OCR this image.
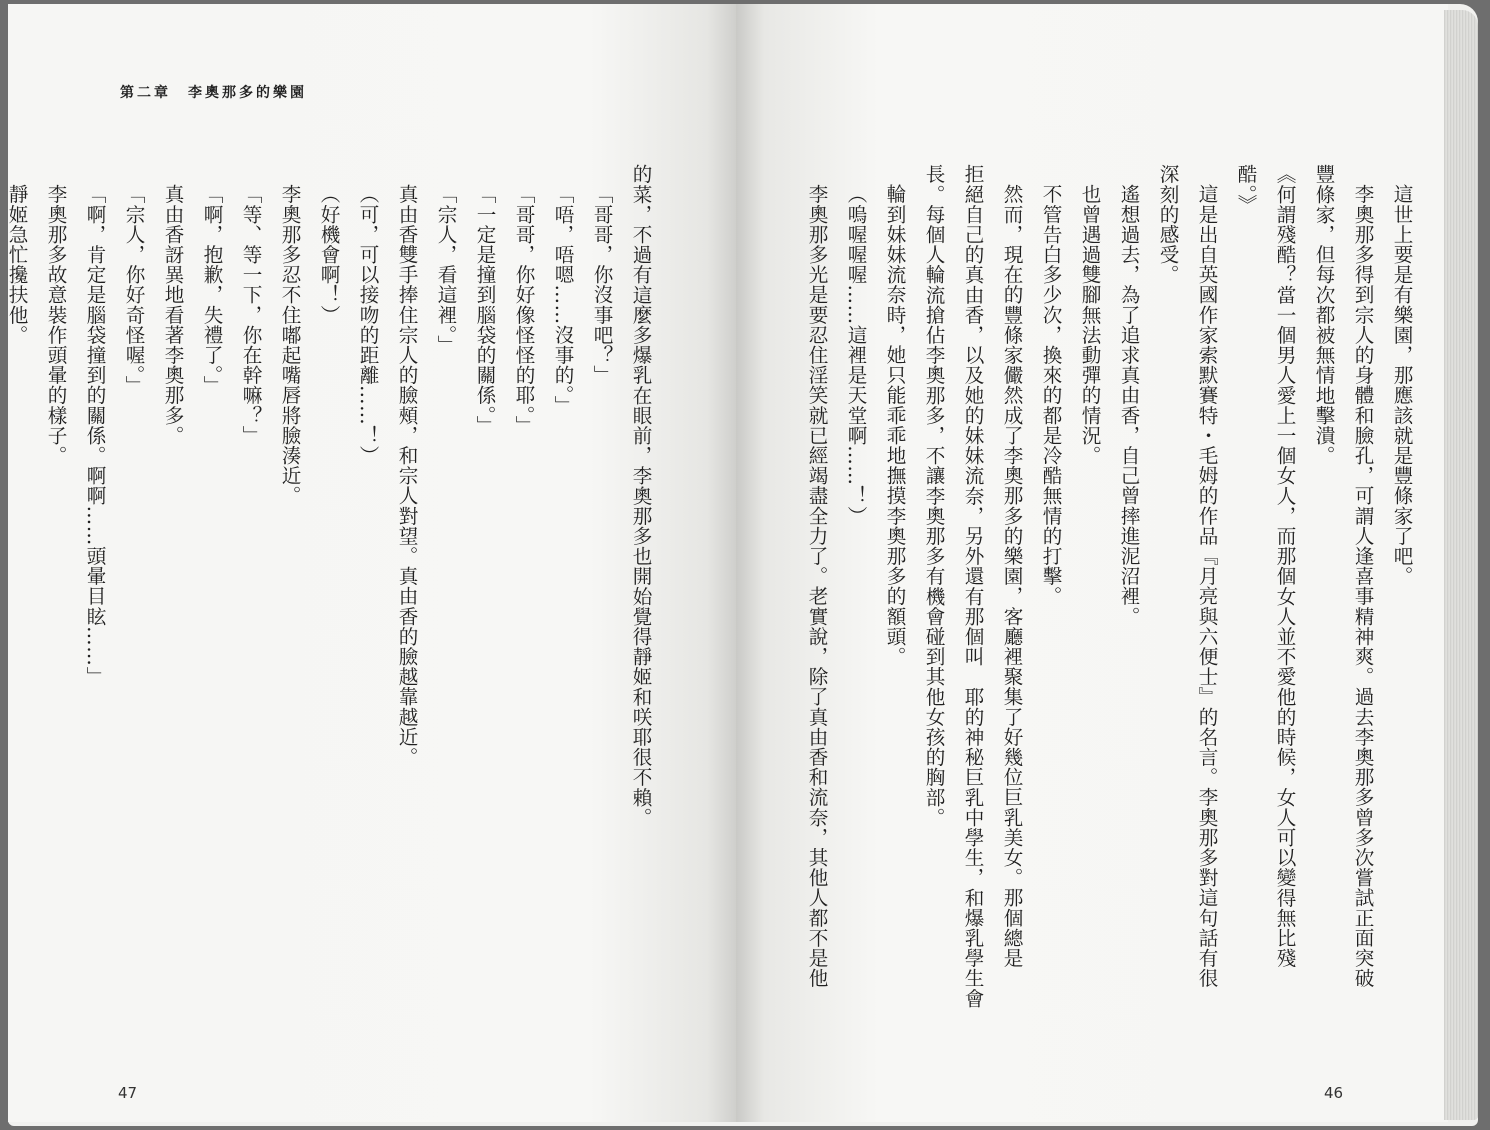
第二章　李奧那多的樂園
的菜，不過有這麼多爆乳在眼前，李奧那多也開始覺得靜姬和咲耶很不賴。
「哥哥，你沒事吧？」
「唔，唔嗯……沒事的。」
「哥哥，你好像怪怪的耶。」
「一定是撞到腦袋的關係。」
「宗人，看這裡。」
真由香雙手捧住宗人的臉頰，和宗人對望。真由香的臉越靠越近。
（可，可以接吻的距離……！）
（好機會啊！）
李奧那多忍不住嘟起嘴唇將臉湊近。
「等、等一下，你在幹嘛？」
「啊，抱歉，失禮了。」
真由香訝異地看著李奧那多。
「宗人，你好奇怪喔。」
「啊，肯定是腦袋撞到的關係。啊啊……頭暈目眩……」
李奧那多故意裝作頭暈的樣子。
靜姬急忙攙扶他。
47
這世上要是有樂園，那應該就是豐條家了吧。
李奧那多得到宗人的身體和臉孔，可謂人逢喜事精神爽。過去李奧那多曾多次嘗試正面突破
豐條家，但每次都被無情地擊潰。
《何謂殘酷？當一個男人愛上一個女人，而那個女人並不愛他的時候，女人可以變得無比殘
酷。》
這是出自英國作家索默賽特・毛姆的作品『月亮與六便士』的名言。李奧那多對這句話有很
深刻的感受。
遙想過去，為了追求真由香，自己曾摔進泥沼裡。
也曾遇過雙腳無法動彈的情況。
不管告白多少次，換來的都是冷酷無情的打擊。
然而，現在的豐條家儼然成了李奧那多的樂園，客廳裡聚集了好幾位巨乳美女。那個總是
拒絕自己的真由香，以及她的妹妹流奈，另外還有那個叫　耶的神秘巨乳中學生，和爆乳學生會
長。每個人輪流搶佔李奧那多，不讓李奧那多有機會碰到其他女孩的胸部。
輪到妹妹流奈時，她只能乖乖地撫摸李奧那多的額頭。
（嗚喔喔喔……這裡是天堂啊……！）
李奧那多光是要忍住淫笑就已經竭盡全力了。老實說，除了真由香和流奈，其他人都不是他
46
